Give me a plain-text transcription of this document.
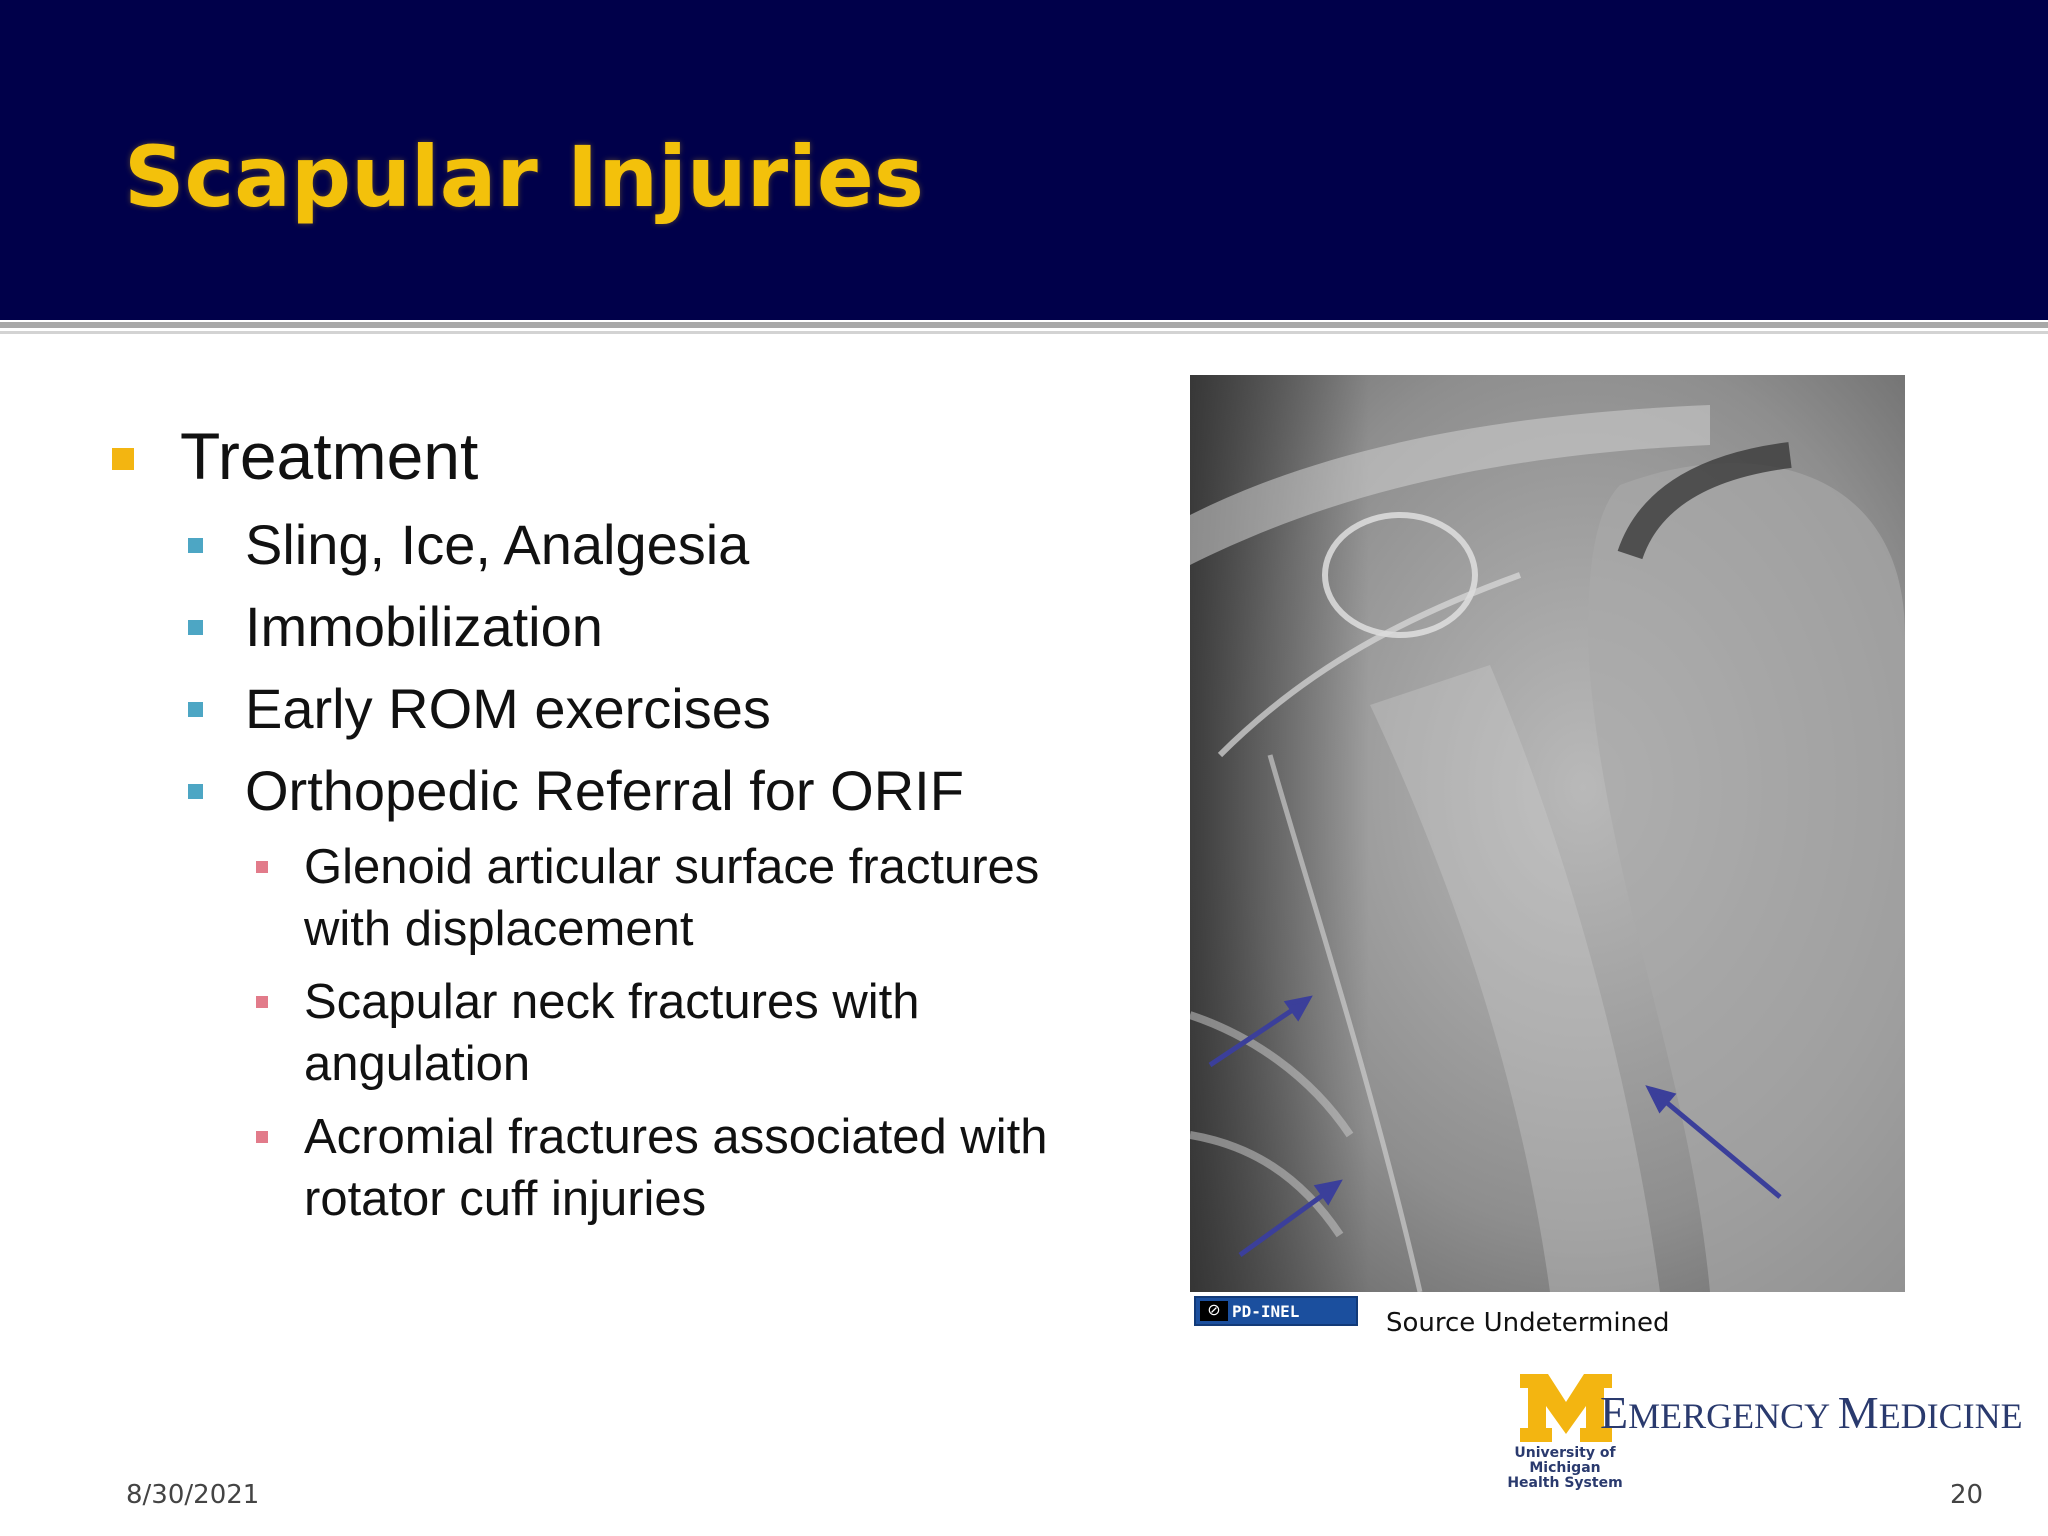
Scapular Injuries
Treatment
Sling, Ice, Analgesia
Immobilization
Early ROM exercises
Orthopedic Referral for ORIF
Glenoid articular surface fractures
with displacement
Scapular neck fractures with
angulation
Acromial fractures associated with
rotator cuff injuries
⊘ PD-INEL	Source Undetermined
EMERGENCY MEDICINE
University of Michigan
Health System
8/30/2021	20
